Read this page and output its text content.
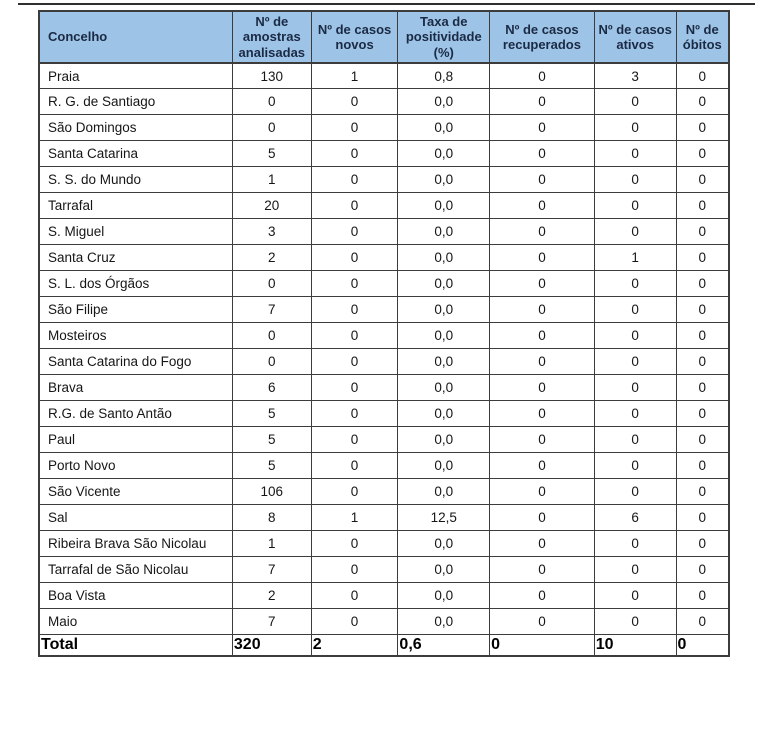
Concelho	Nº de amostras analisadas	Nº de casos novos	Taxa de positividade (%)	Nº de casos recuperados	Nº de casos ativos	Nº de óbitos
Praia	130	1	0,8	0	3	0
R. G. de Santiago	0	0	0,0	0	0	0
São Domingos	0	0	0,0	0	0	0
Santa Catarina	5	0	0,0	0	0	0
S. S. do Mundo	1	0	0,0	0	0	0
Tarrafal	20	0	0,0	0	0	0
S. Miguel	3	0	0,0	0	0	0
Santa Cruz	2	0	0,0	0	1	0
S. L. dos Órgãos	0	0	0,0	0	0	0
São Filipe	7	0	0,0	0	0	0
Mosteiros	0	0	0,0	0	0	0
Santa Catarina do Fogo	0	0	0,0	0	0	0
Brava	6	0	0,0	0	0	0
R.G. de Santo Antão	5	0	0,0	0	0	0
Paul	5	0	0,0	0	0	0
Porto Novo	5	0	0,0	0	0	0
São Vicente	106	0	0,0	0	0	0
Sal	8	1	12,5	0	6	0
Ribeira Brava São Nicolau	1	0	0,0	0	0	0
Tarrafal de São Nicolau	7	0	0,0	0	0	0
Boa Vista	2	0	0,0	0	0	0
Maio	7	0	0,0	0	0	0
Total	320	2	0,6	0	10	0
